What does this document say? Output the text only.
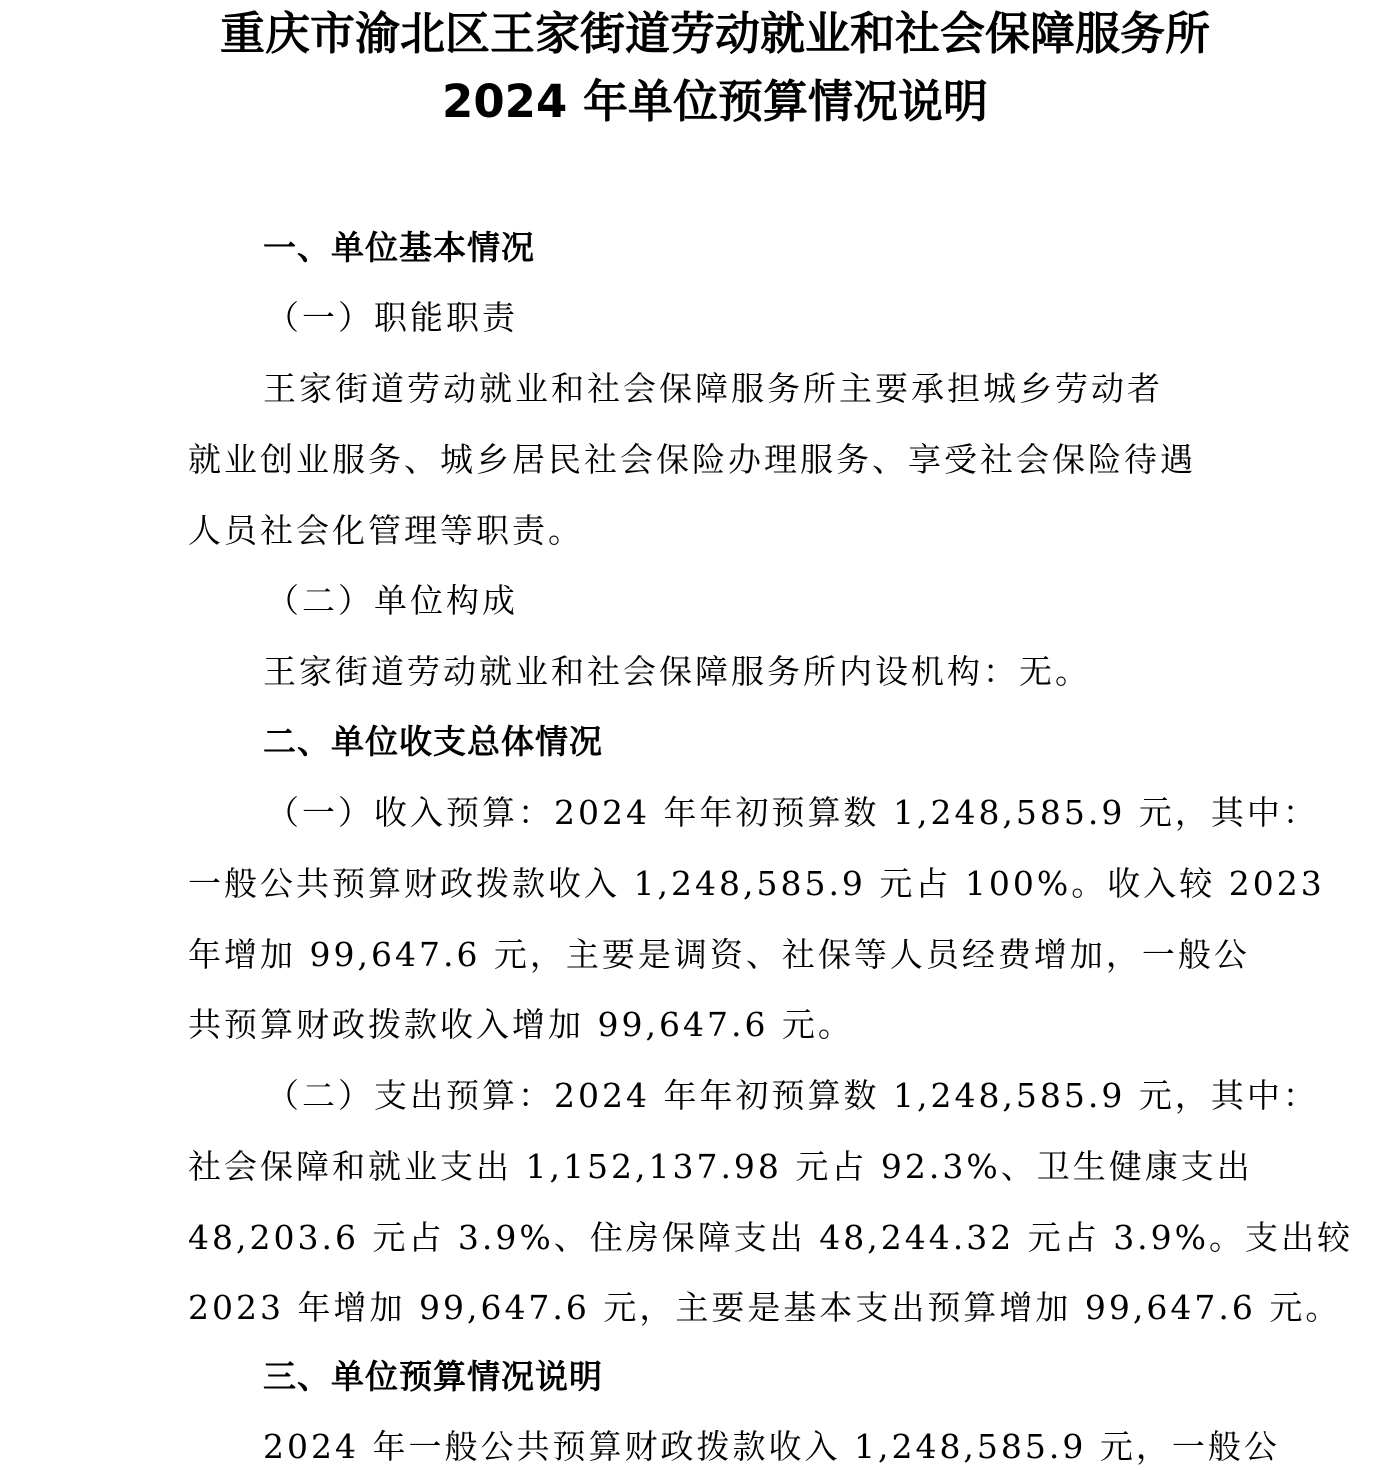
重庆市渝北区王家街道劳动就业和社会保障服务所
2024 年单位预算情况说明
一、单位基本情况
（一）职能职责
王家街道劳动就业和社会保障服务所主要承担城乡劳动者
就业创业服务、城乡居民社会保险办理服务、享受社会保险待遇
人员社会化管理等职责。
（二）单位构成
王家街道劳动就业和社会保障服务所内设机构：无。
二、单位收支总体情况
（一）收入预算：2024 年年初预算数 1,248,585.9 元，其中：
一般公共预算财政拨款收入 1,248,585.9 元占 100%。收入较 2023
年增加 99,647.6 元，主要是调资、社保等人员经费增加，一般公
共预算财政拨款收入增加 99,647.6 元。
（二）支出预算：2024 年年初预算数 1,248,585.9 元，其中：
社会保障和就业支出 1,152,137.98 元占 92.3%、卫生健康支出
48,203.6 元占 3.9%、住房保障支出 48,244.32 元占 3.9%。支出较
2023 年增加 99,647.6 元，主要是基本支出预算增加 99,647.6 元。
三、单位预算情况说明
2024 年一般公共预算财政拨款收入 1,248,585.9 元，一般公
